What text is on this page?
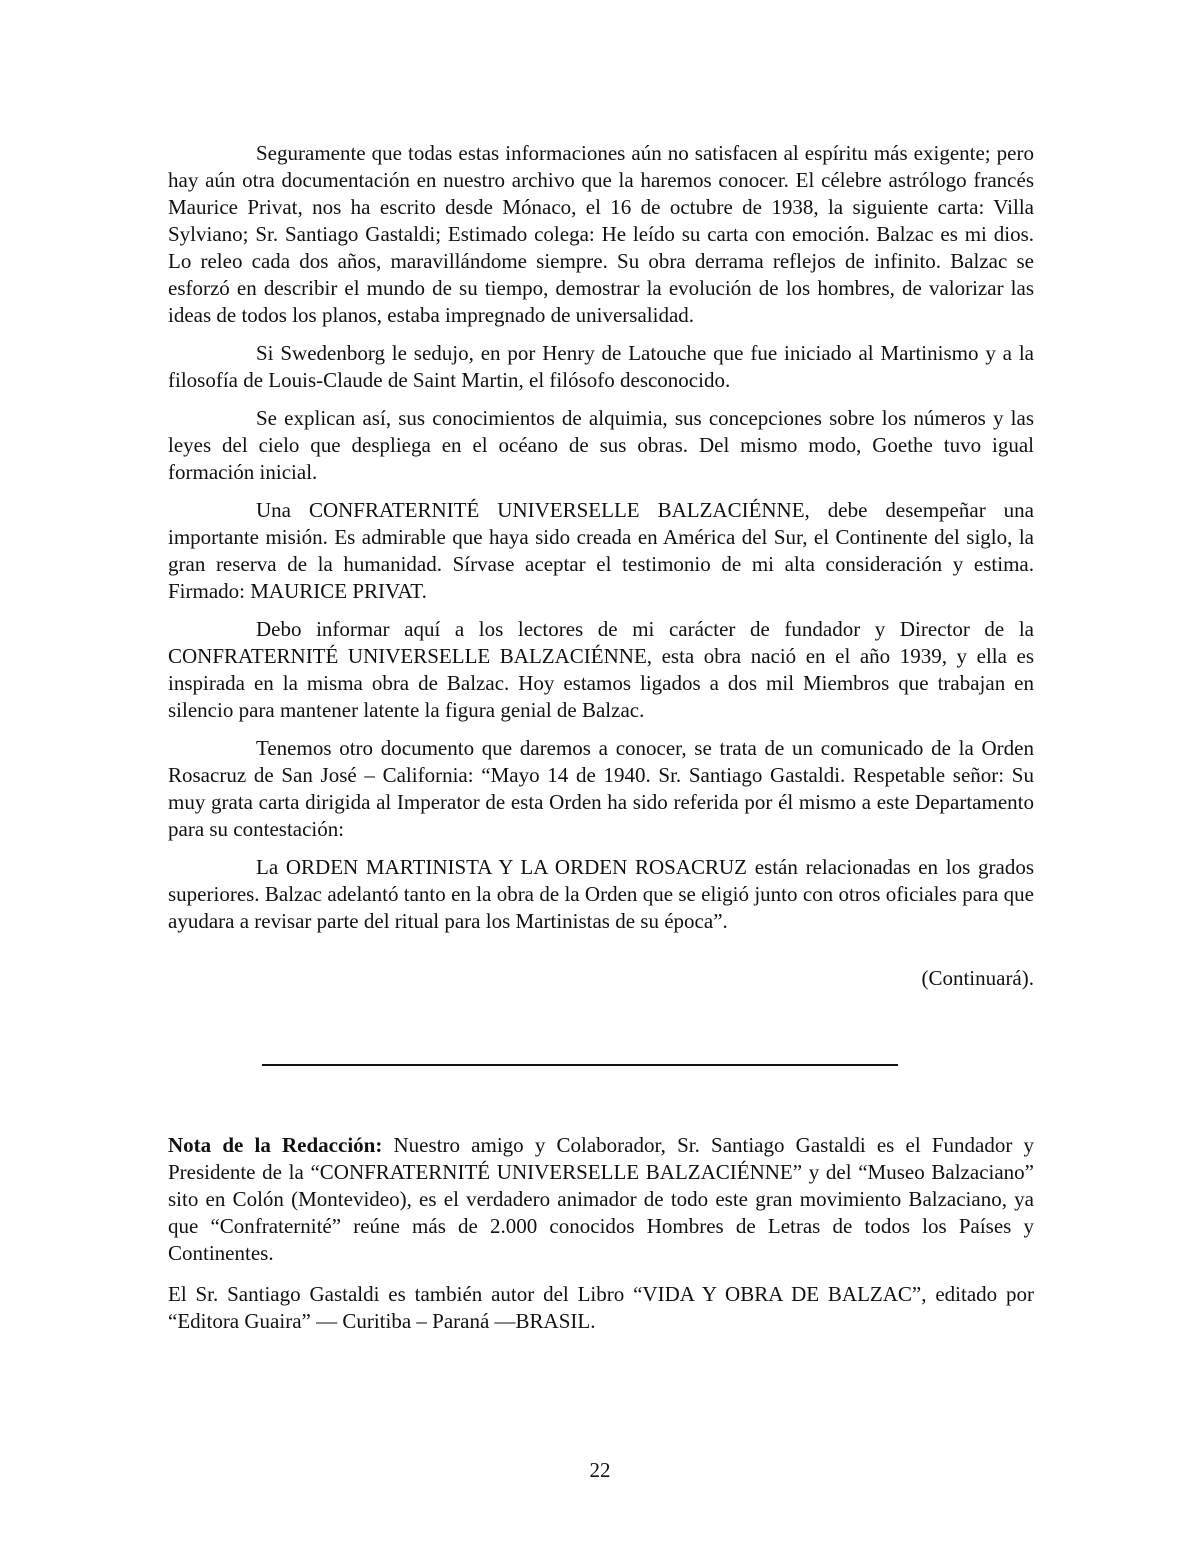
Seguramente que todas estas informaciones aún no satisfacen al espíritu más exigente; pero hay aún otra documentación en nuestro archivo que la haremos conocer. El célebre astrólogo francés Maurice Privat, nos ha escrito desde Mónaco, el 16 de octubre de 1938, la siguiente carta: Villa Sylviano; Sr. Santiago Gastaldi; Estimado colega: He leído su carta con emoción. Balzac es mi dios. Lo releo cada dos años, maravillándome siempre. Su obra derrama reflejos de infinito. Balzac se esforzó en describir el mundo de su tiempo, demostrar la evolución de los hombres, de valorizar las ideas de todos los planos, estaba impregnado de universalidad.

Si Swedenborg le sedujo, en por Henry de Latouche que fue iniciado al Martinismo y a la filosofía de Louis-Claude de Saint Martin, el filósofo desconocido.

Se explican así, sus conocimientos de alquimia, sus concepciones sobre los números y las leyes del cielo que despliega en el océano de sus obras. Del mismo modo, Goethe tuvo igual formación inicial.

Una CONFRATERNITÉ UNIVERSELLE BALZACIÉNNE, debe desempeñar una importante misión. Es admirable que haya sido creada en América del Sur, el Continente del siglo, la gran reserva de la humanidad. Sírvase aceptar el testimonio de mi alta consideración y estima. Firmado: MAURICE PRIVAT.

Debo informar aquí a los lectores de mi carácter de fundador y Director de la CONFRATERNITÉ UNIVERSELLE BALZACIÉNNE, esta obra nació en el año 1939, y ella es inspirada en la misma obra de Balzac. Hoy estamos ligados a dos mil Miembros que trabajan en silencio para mantener latente la figura genial de Balzac.

Tenemos otro documento que daremos a conocer, se trata de un comunicado de la Orden Rosacruz de San José – California: “Mayo 14 de 1940. Sr. Santiago Gastaldi. Respetable señor: Su muy grata carta dirigida al Imperator de esta Orden ha sido referida por él mismo a este Departamento para su contestación:

La ORDEN MARTINISTA Y LA ORDEN ROSACRUZ están relacionadas en los grados superiores. Balzac adelantó tanto en la obra de la Orden que se eligió junto con otros oficiales para que ayudara a revisar parte del ritual para los Martinistas de su época”.

(Continuará).

Nota de la Redacción: Nuestro amigo y Colaborador, Sr. Santiago Gastaldi es el Fundador y Presidente de la “CONFRATERNITÉ UNIVERSELLE BALZACIÉNNE” y del “Museo Balzaciano” sito en Colón (Montevideo), es el verdadero animador de todo este gran movimiento Balzaciano, ya que “Confraternité” reúne más de 2.000 conocidos Hombres de Letras de todos los Países y Continentes.

El Sr. Santiago Gastaldi es también autor del Libro “VIDA Y OBRA DE BALZAC”, editado por “Editora Guaira” — Curitiba – Paraná —BRASIL.

22
